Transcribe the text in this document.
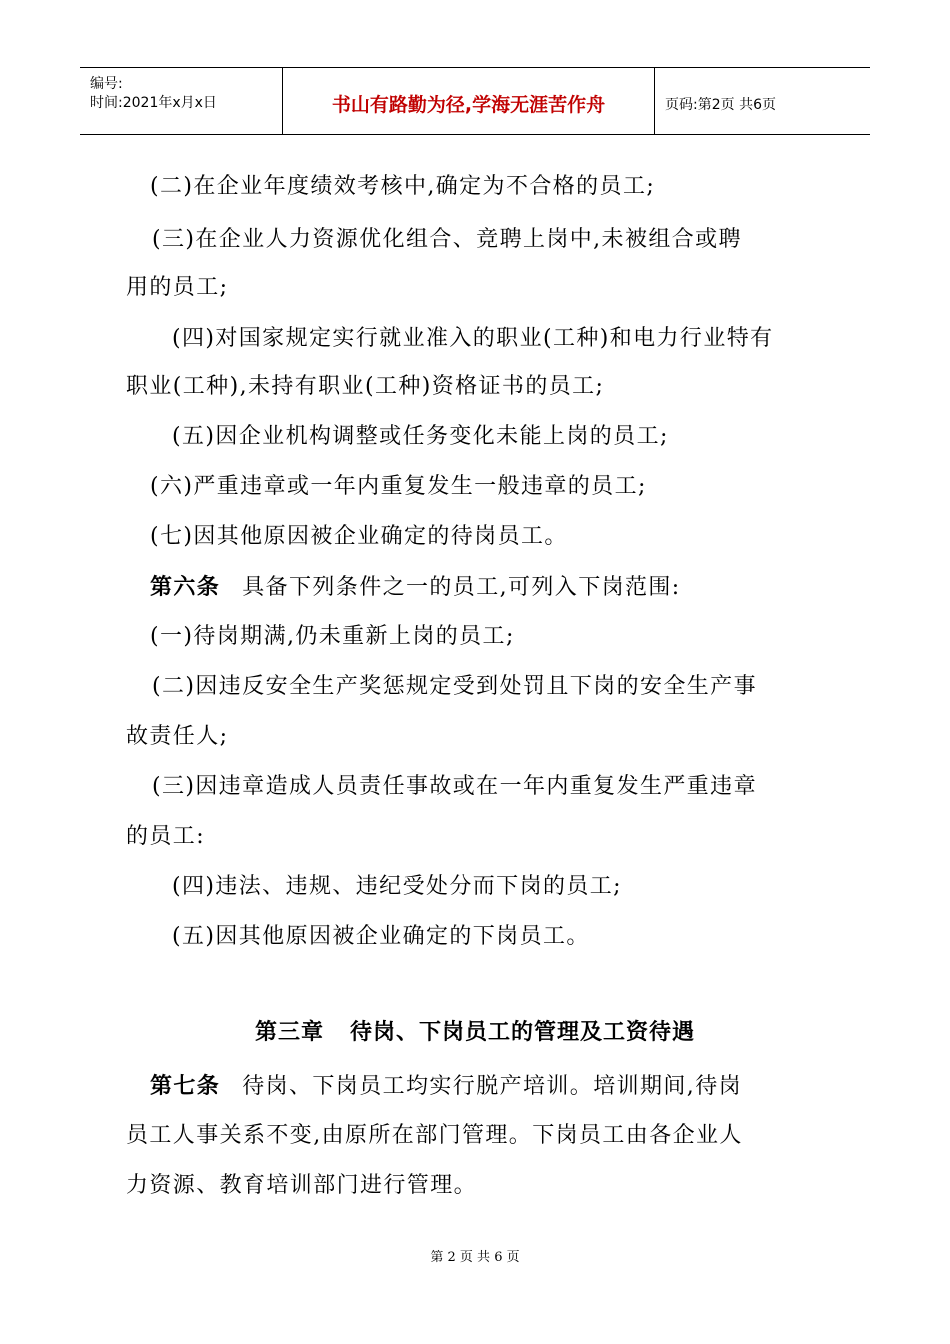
编号:
时间:2021年x月x日	书山有路勤为径,学海无涯苦作舟	页码:第2页 共6页
(二)在企业年度绩效考核中,确定为不合格的员工;
(三)在企业人力资源优化组合、竞聘上岗中,未被组合或聘
用的员工;
(四)对国家规定实行就业准入的职业(工种)和电力行业特有
职业(工种),未持有职业(工种)资格证书的员工;
(五)因企业机构调整或任务变化未能上岗的员工;
(六)严重违章或一年内重复发生一般违章的员工;
(七)因其他原因被企业确定的待岗员工。
第六条 具备下列条件之一的员工,可列入下岗范围:
(一)待岗期满,仍未重新上岗的员工;
(二)因违反安全生产奖惩规定受到处罚且下岗的安全生产事
故责任人;
(三)因违章造成人员责任事故或在一年内重复发生严重违章
的员工:
(四)违法、违规、违纪受处分而下岗的员工;
(五)因其他原因被企业确定的下岗员工。
第三章   待岗、下岗员工的管理及工资待遇
第七条 待岗、下岗员工均实行脱产培训。培训期间,待岗
员工人事关系不变,由原所在部门管理。下岗员工由各企业人
力资源、教育培训部门进行管理。
第 2 页 共 6 页
